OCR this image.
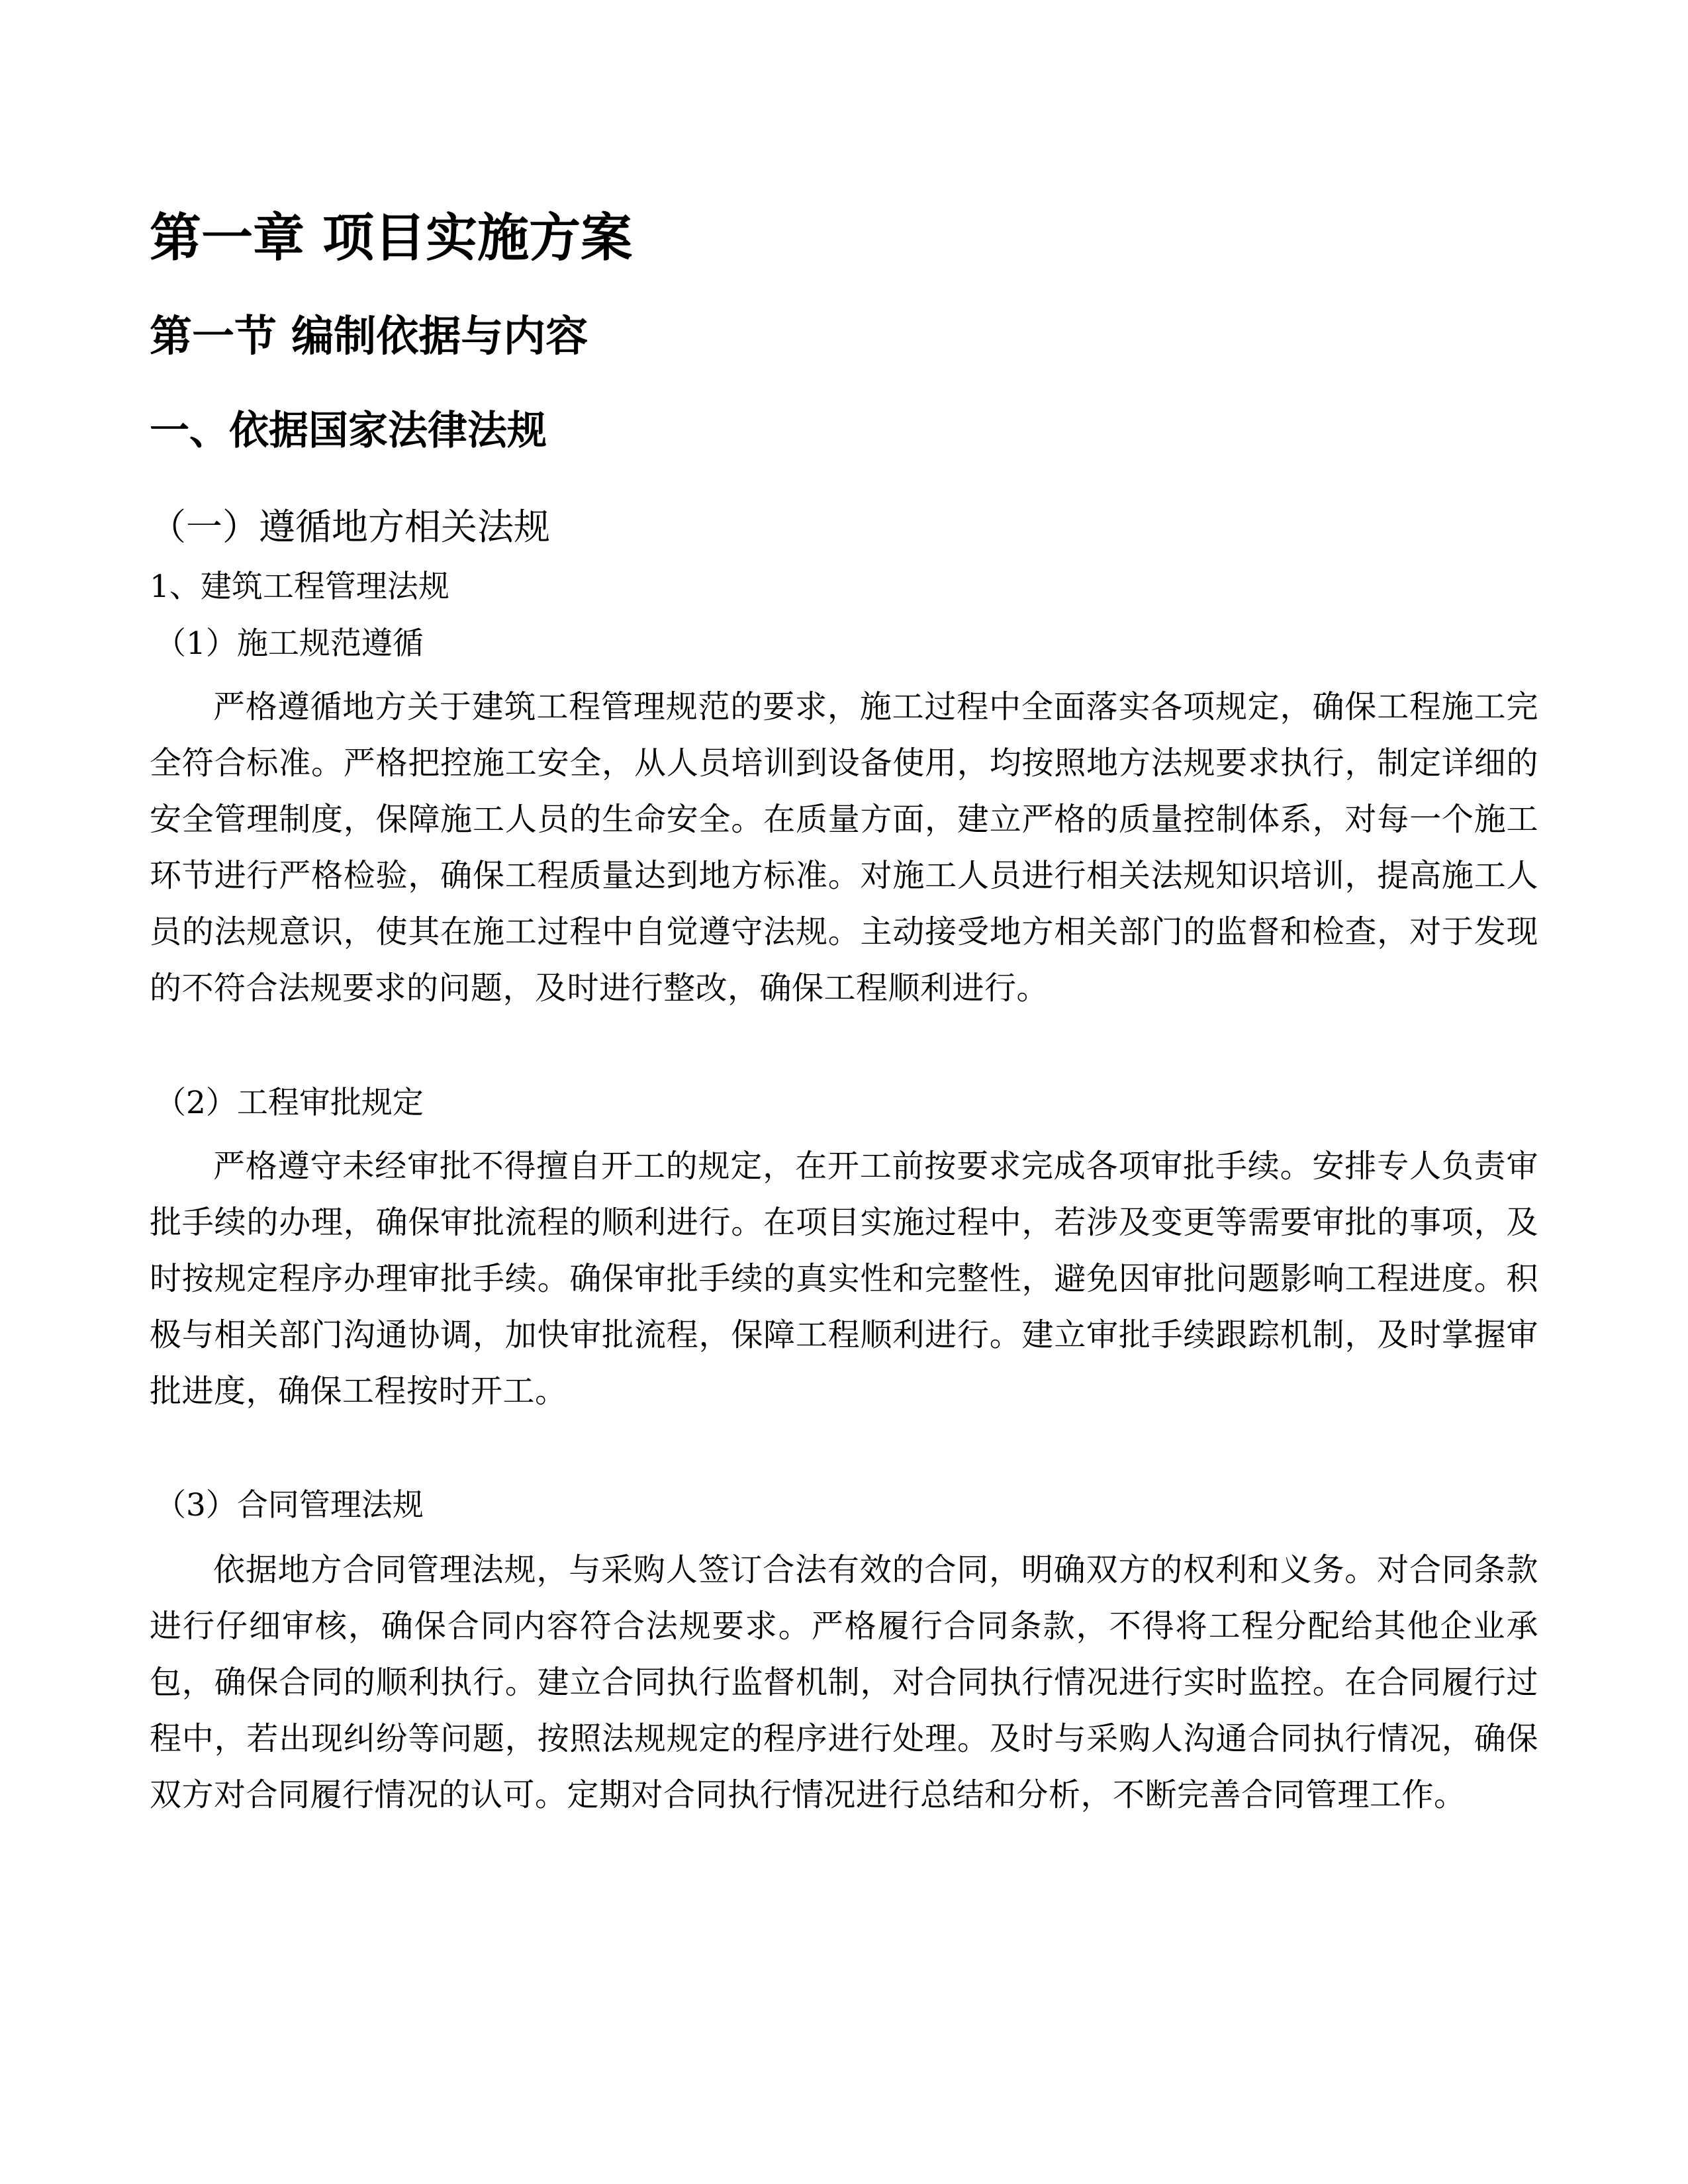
第一章 项目实施方案
第一节 编制依据与内容
一、依据国家法律法规
（一）遵循地方相关法规
1、建筑工程管理法规
（1）施工规范遵循

严格遵循地方关于建筑工程管理规范的要求，施工过程中全面落实各项规定，确保工程施工完全符合标准。严格把控施工安全，从人员培训到设备使用，均按照地方法规要求执行，制定详细的安全管理制度，保障施工人员的生命安全。在质量方面，建立严格的质量控制体系，对每一个施工环节进行严格检验，确保工程质量达到地方标准。对施工人员进行相关法规知识培训，提高施工人员的法规意识，使其在施工过程中自觉遵守法规。主动接受地方相关部门的监督和检查，对于发现的不符合法规要求的问题，及时进行整改，确保工程顺利进行。

（2）工程审批规定

严格遵守未经审批不得擅自开工的规定，在开工前按要求完成各项审批手续。安排专人负责审批手续的办理，确保审批流程的顺利进行。在项目实施过程中，若涉及变更等需要审批的事项，及时按规定程序办理审批手续。确保审批手续的真实性和完整性，避免因审批问题影响工程进度。积极与相关部门沟通协调，加快审批流程，保障工程顺利进行。建立审批手续跟踪机制，及时掌握审批进度，确保工程按时开工。

（3）合同管理法规

依据地方合同管理法规，与采购人签订合法有效的合同，明确双方的权利和义务。对合同条款进行仔细审核，确保合同内容符合法规要求。严格履行合同条款，不得将工程分配给其他企业承包，确保合同的顺利执行。建立合同执行监督机制，对合同执行情况进行实时监控。在合同履行过程中，若出现纠纷等问题，按照法规规定的程序进行处理。及时与采购人沟通合同执行情况，确保双方对合同履行情况的认可。定期对合同执行情况进行总结和分析，不断完善合同管理工作。
